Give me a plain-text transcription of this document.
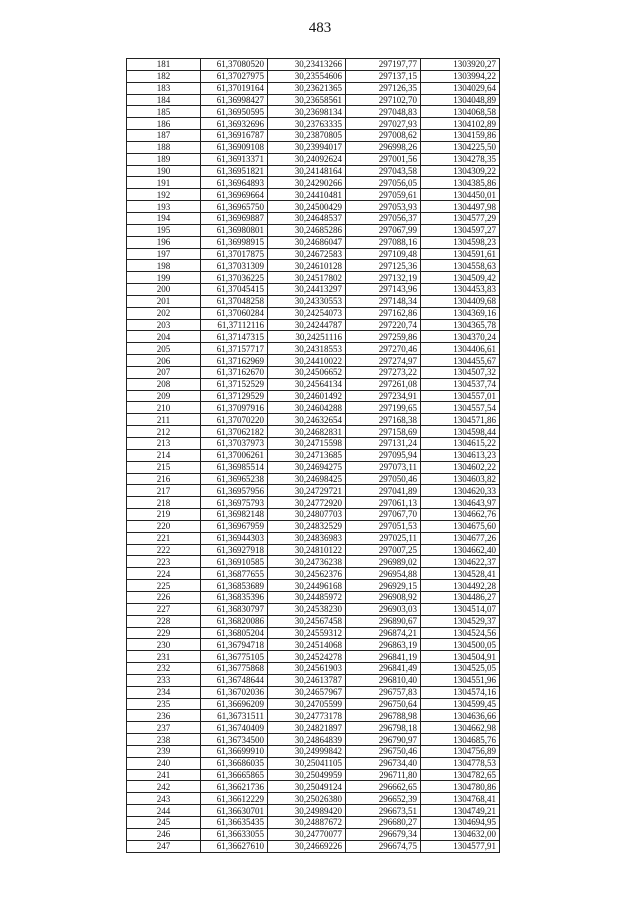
483
181	61,37080520	30,23413266	297197,77	1303920,27
182	61,37027975	30,23554606	297137,15	1303994,22
183	61,37019164	30,23621365	297126,35	1304029,64
184	61,36998427	30,23658561	297102,70	1304048,89
185	61,36950595	30,23698134	297048,83	1304068,58
186	61,36932696	30,23763335	297027,93	1304102,89
187	61,36916787	30,23870805	297008,62	1304159,86
188	61,36909108	30,23994017	296998,26	1304225,50
189	61,36913371	30,24092624	297001,56	1304278,35
190	61,36951821	30,24148164	297043,58	1304309,22
191	61,36964893	30,24290266	297056,05	1304385,86
192	61,36969664	30,24410481	297059,61	1304450,01
193	61,36965750	30,24500429	297053,93	1304497,98
194	61,36969887	30,24648537	297056,37	1304577,29
195	61,36980801	30,24685286	297067,99	1304597,27
196	61,36998915	30,24686047	297088,16	1304598,23
197	61,37017875	30,24672583	297109,48	1304591,61
198	61,37031309	30,24610128	297125,36	1304558,63
199	61,37036225	30,24517802	297132,19	1304509,42
200	61,37045415	30,24413297	297143,96	1304453,83
201	61,37048258	30,24330553	297148,34	1304409,68
202	61,37060284	30,24254073	297162,86	1304369,16
203	61,37112116	30,24244787	297220,74	1304365,78
204	61,37147315	30,24251116	297259,86	1304370,24
205	61,37157717	30,24318553	297270,46	1304406,61
206	61,37162969	30,24410022	297274,97	1304455,67
207	61,37162670	30,24506652	297273,22	1304507,32
208	61,37152529	30,24564134	297261,08	1304537,74
209	61,37129529	30,24601492	297234,91	1304557,01
210	61,37097916	30,24604288	297199,65	1304557,54
211	61,37070220	30,24632654	297168,38	1304571,86
212	61,37062182	30,24682831	297158,69	1304598,44
213	61,37037973	30,24715598	297131,24	1304615,22
214	61,37006261	30,24713685	297095,94	1304613,23
215	61,36985514	30,24694275	297073,11	1304602,22
216	61,36965238	30,24698425	297050,46	1304603,82
217	61,36957956	30,24729721	297041,89	1304620,33
218	61,36975793	30,24772920	297061,13	1304643,97
219	61,36982148	30,24807703	297067,70	1304662,76
220	61,36967959	30,24832529	297051,53	1304675,60
221	61,36944303	30,24836983	297025,11	1304677,26
222	61,36927918	30,24810122	297007,25	1304662,40
223	61,36910585	30,24736238	296989,02	1304622,37
224	61,36877655	30,24562376	296954,88	1304528,41
225	61,36853689	30,24496168	296929,15	1304492,28
226	61,36835396	30,24485972	296908,92	1304486,27
227	61,36830797	30,24538230	296903,03	1304514,07
228	61,36820086	30,24567458	296890,67	1304529,37
229	61,36805204	30,24559312	296874,21	1304524,56
230	61,36794718	30,24514068	296863,19	1304500,05
231	61,36775105	30,24524278	296841,19	1304504,91
232	61,36775868	30,24561903	296841,49	1304525,05
233	61,36748644	30,24613787	296810,40	1304551,96
234	61,36702036	30,24657967	296757,83	1304574,16
235	61,36696209	30,24705599	296750,64	1304599,45
236	61,36731511	30,24773178	296788,98	1304636,66
237	61,36740409	30,24821897	296798,18	1304662,98
238	61,36734500	30,24864839	296790,97	1304685,76
239	61,36699910	30,24999842	296750,46	1304756,89
240	61,36686035	30,25041105	296734,40	1304778,53
241	61,36665865	30,25049959	296711,80	1304782,65
242	61,36621736	30,25049124	296662,65	1304780,86
243	61,36612229	30,25026380	296652,39	1304768,41
244	61,36630701	30,24989420	296673,51	1304749,21
245	61,36635435	30,24887672	296680,27	1304694,95
246	61,36633055	30,24770077	296679,34	1304632,00
247	61,36627610	30,24669226	296674,75	1304577,91
